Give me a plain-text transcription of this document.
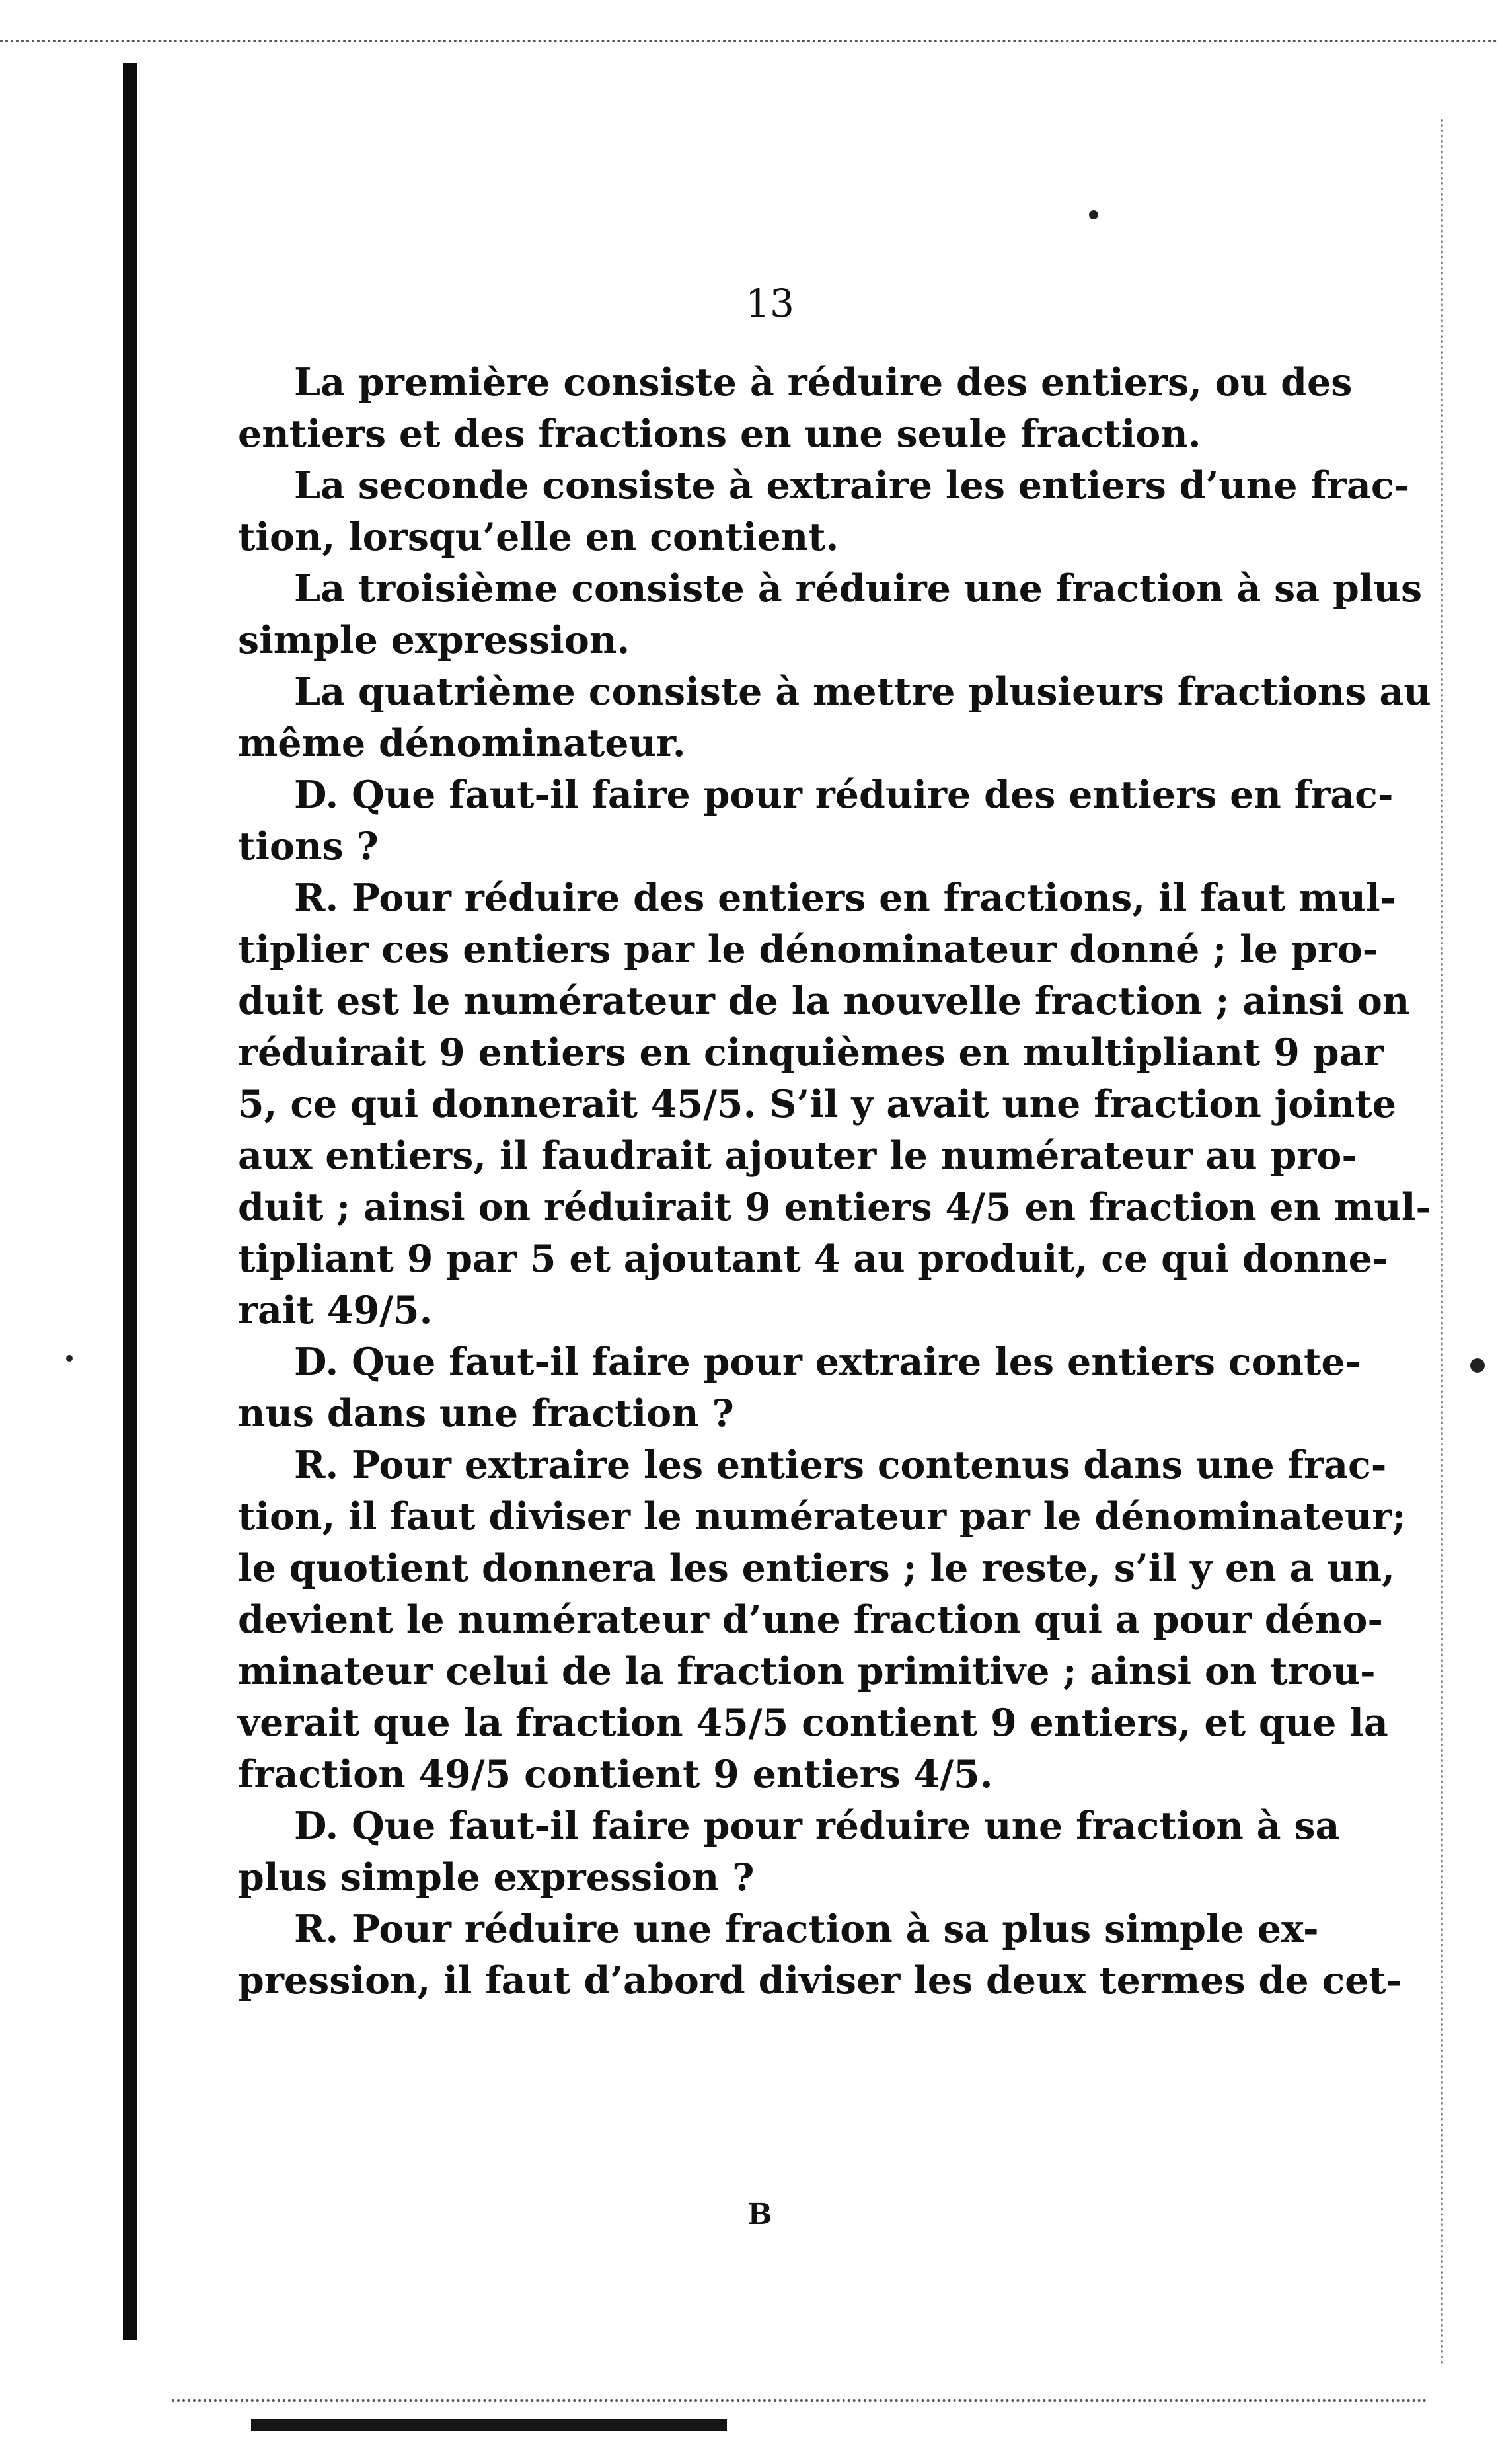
13
La première consiste à réduire des entiers, ou des
entiers et des fractions en une seule fraction.
La seconde consiste à extraire les entiers d’une frac-
tion, lorsqu’elle en contient.
La troisième consiste à réduire une fraction à sa plus
simple expression.
La quatrième consiste à mettre plusieurs fractions au
même dénominateur.
D. Que faut-il faire pour réduire des entiers en frac-
tions ?
R. Pour réduire des entiers en fractions, il faut mul-
tiplier ces entiers par le dénominateur donné ; le pro-
duit est le numérateur de la nouvelle fraction ; ainsi on
réduirait 9 entiers en cinquièmes en multipliant 9 par
5, ce qui donnerait 45/5. S’il y avait une fraction jointe
aux entiers, il faudrait ajouter le numérateur au pro-
duit ; ainsi on réduirait 9 entiers 4/5 en fraction en mul-
tipliant 9 par 5 et ajoutant 4 au produit, ce qui donne-
rait 49/5.
D. Que faut-il faire pour extraire les entiers conte-
nus dans une fraction ?
R. Pour extraire les entiers contenus dans une frac-
tion, il faut diviser le numérateur par le dénominateur;
le quotient donnera les entiers ; le reste, s’il y en a un,
devient le numérateur d’une fraction qui a pour déno-
minateur celui de la fraction primitive ; ainsi on trou-
verait que la fraction 45/5 contient 9 entiers, et que la
fraction 49/5 contient 9 entiers 4/5.
D. Que faut-il faire pour réduire une fraction à sa
plus simple expression ?
R. Pour réduire une fraction à sa plus simple ex-
pression, il faut d’abord diviser les deux termes de cet-
B
